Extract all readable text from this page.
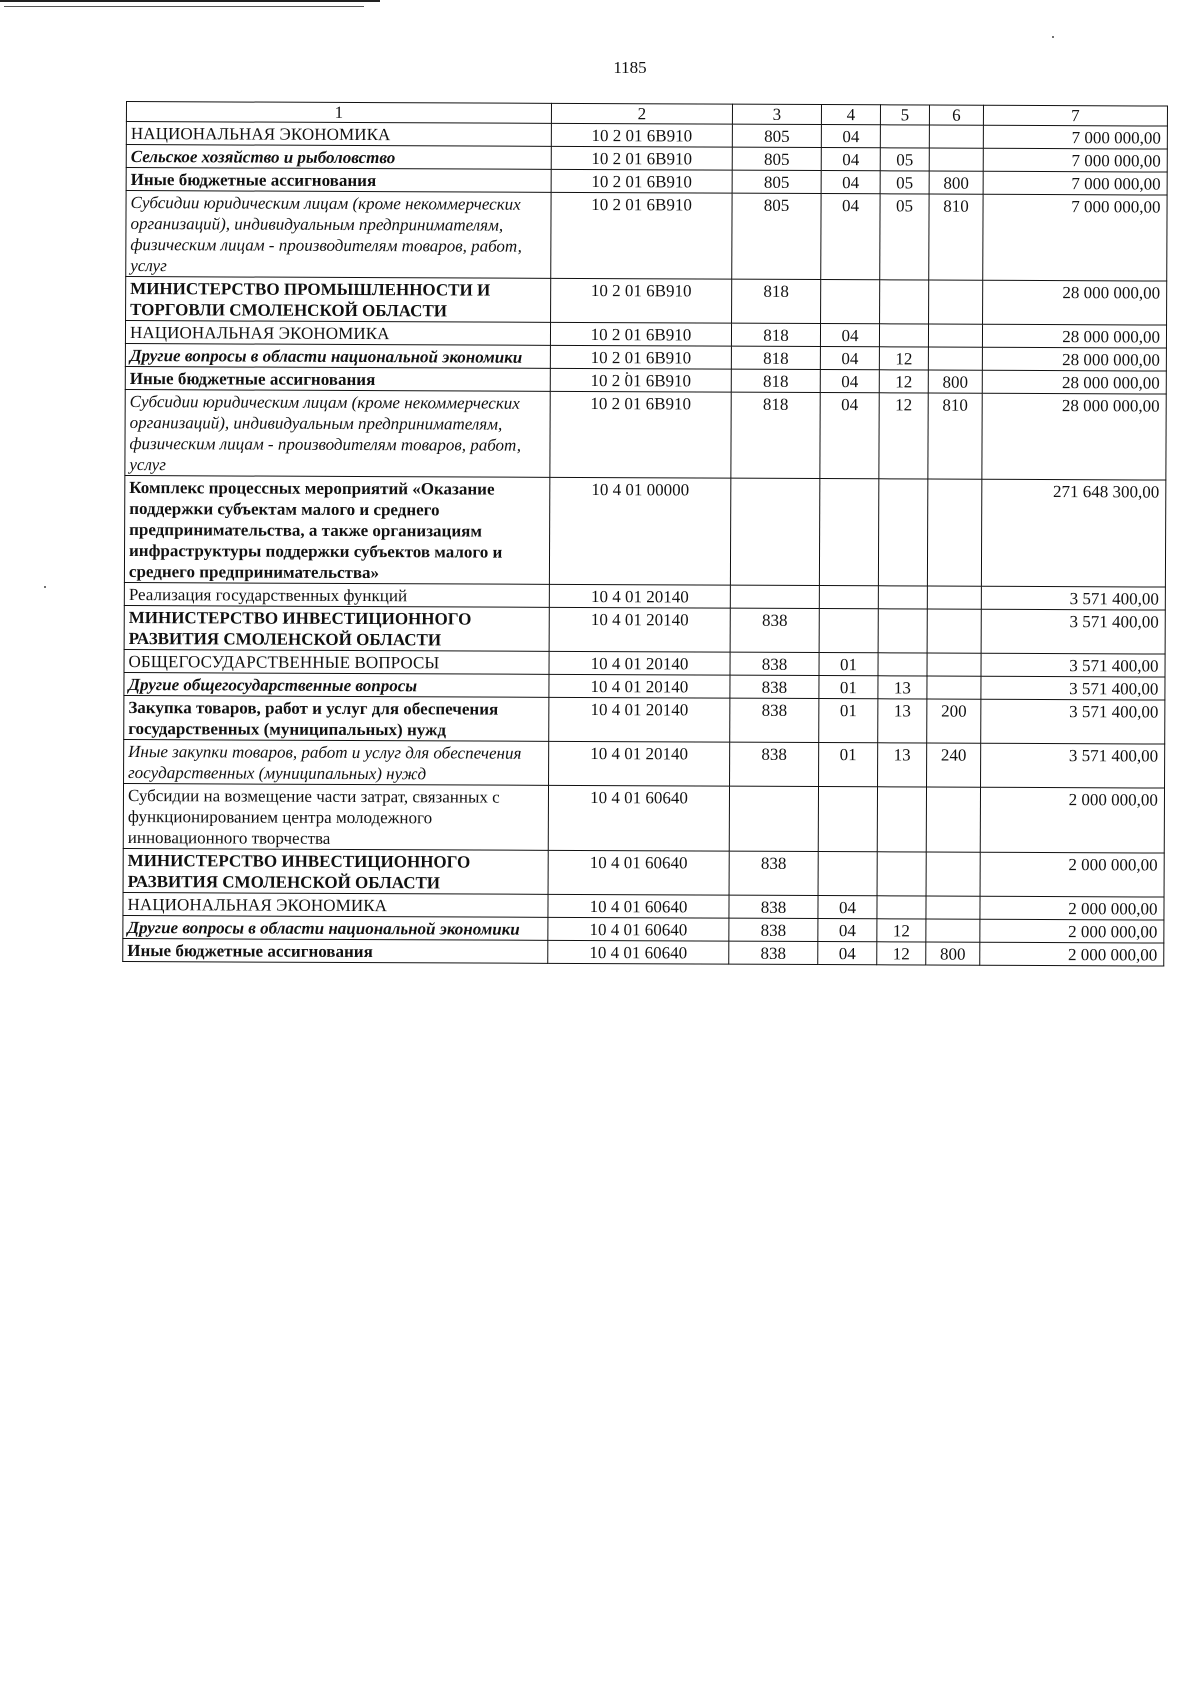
1185
1	2	3	4	5	6	7
НАЦИОНАЛЬНАЯ ЭКОНОМИКА	10 2 01 6В910	805	04			7 000 000,00
Сельское хозяйство и рыболовство	10 2 01 6В910	805	04	05		7 000 000,00
Иные бюджетные ассигнования	10 2 01 6В910	805	04	05	800	7 000 000,00
Субсидии юридическим лицам (кроме некоммерческих организаций), индивидуальным предпринимателям, физическим лицам - производителям товаров, работ, услуг	10 2 01 6В910	805	04	05	810	7 000 000,00
МИНИСТЕРСТВО ПРОМЫШЛЕННОСТИ И ТОРГОВЛИ СМОЛЕНСКОЙ ОБЛАСТИ	10 2 01 6В910	818				28 000 000,00
НАЦИОНАЛЬНАЯ ЭКОНОМИКА	10 2 01 6В910	818	04			28 000 000,00
Другие вопросы в области национальной экономики	10 2 01 6В910	818	04	12		28 000 000,00
Иные бюджетные ассигнования	10 2 01 6В910	818	04	12	800	28 000 000,00
Субсидии юридическим лицам (кроме некоммерческих организаций), индивидуальным предпринимателям, физическим лицам - производителям товаров, работ, услуг	10 2 01 6В910	818	04	12	810	28 000 000,00
Комплекс процессных мероприятий «Оказание поддержки субъектам малого и среднего предпринимательства, а также организациям инфраструктуры поддержки субъектов малого и среднего предпринимательства»	10 4 01 00000					271 648 300,00
Реализация государственных функций	10 4 01 20140					3 571 400,00
МИНИСТЕРСТВО ИНВЕСТИЦИОННОГО РАЗВИТИЯ СМОЛЕНСКОЙ ОБЛАСТИ	10 4 01 20140	838				3 571 400,00
ОБЩЕГОСУДАРСТВЕННЫЕ ВОПРОСЫ	10 4 01 20140	838	01			3 571 400,00
Другие общегосударственные вопросы	10 4 01 20140	838	01	13		3 571 400,00
Закупка товаров, работ и услуг для обеспечения государственных (муниципальных) нужд	10 4 01 20140	838	01	13	200	3 571 400,00
Иные закупки товаров, работ и услуг для обеспечения государственных (муниципальных) нужд	10 4 01 20140	838	01	13	240	3 571 400,00
Субсидии на возмещение части затрат, связанных с функционированием центра молодежного инновационного творчества	10 4 01 60640					2 000 000,00
МИНИСТЕРСТВО ИНВЕСТИЦИОННОГО РАЗВИТИЯ СМОЛЕНСКОЙ ОБЛАСТИ	10 4 01 60640	838				2 000 000,00
НАЦИОНАЛЬНАЯ ЭКОНОМИКА	10 4 01 60640	838	04			2 000 000,00
Другие вопросы в области национальной экономики	10 4 01 60640	838	04	12		2 000 000,00
Иные бюджетные ассигнования	10 4 01 60640	838	04	12	800	2 000 000,00
